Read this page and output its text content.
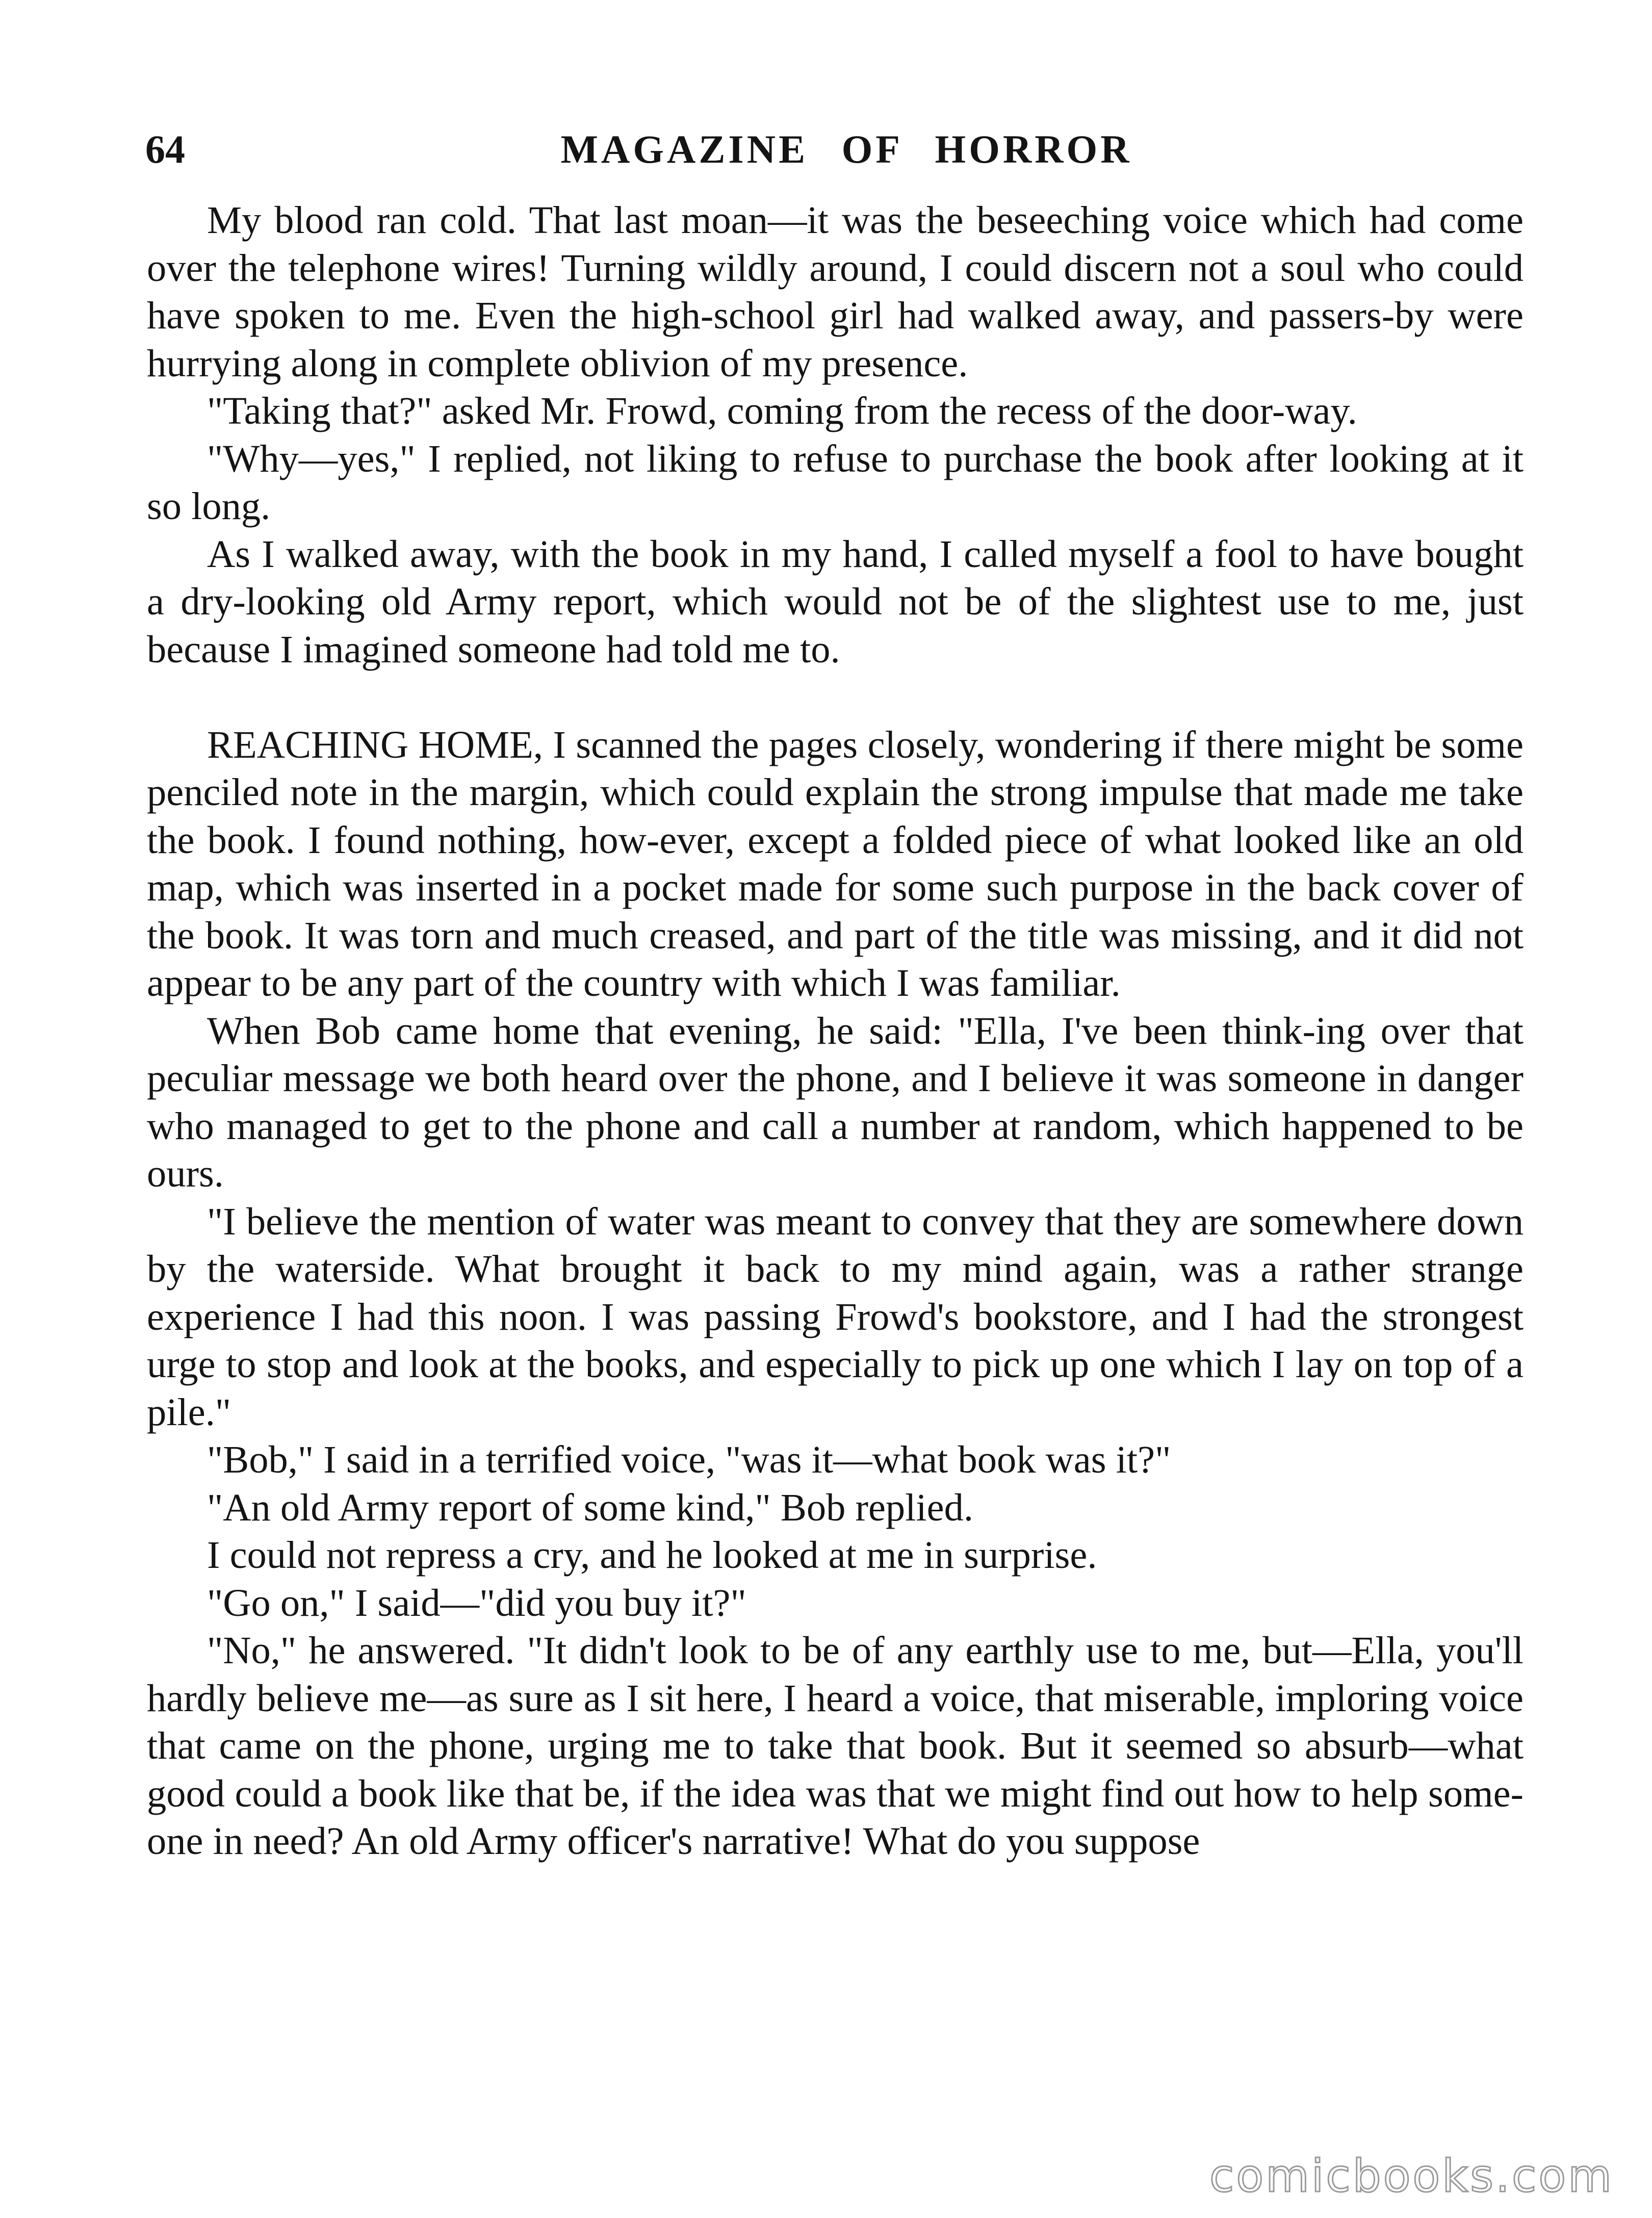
64	MAGAZINE OF HORROR

My blood ran cold. That last moan—it was the beseeching voice which had come over the telephone wires! Turning wildly around, I could discern not a soul who could have spoken to me. Even the high-school girl had walked away, and passers-by were hurrying along in complete oblivion of my presence.

"Taking that?" asked Mr. Frowd, coming from the recess of the door-way.

"Why—yes," I replied, not liking to refuse to purchase the book after looking at it so long.

As I walked away, with the book in my hand, I called myself a fool to have bought a dry-looking old Army report, which would not be of the slightest use to me, just because I imagined someone had told me to.

REACHING HOME, I scanned the pages closely, wondering if there might be some penciled note in the margin, which could explain the strong impulse that made me take the book. I found nothing, how-ever, except a folded piece of what looked like an old map, which was inserted in a pocket made for some such purpose in the back cover of the book. It was torn and much creased, and part of the title was missing, and it did not appear to be any part of the country with which I was familiar.

When Bob came home that evening, he said: "Ella, I've been think-ing over that peculiar message we both heard over the phone, and I believe it was someone in danger who managed to get to the phone and call a number at random, which happened to be ours.

"I believe the mention of water was meant to convey that they are somewhere down by the waterside. What brought it back to my mind again, was a rather strange experience I had this noon. I was passing Frowd's bookstore, and I had the strongest urge to stop and look at the books, and especially to pick up one which I lay on top of a pile."

"Bob," I said in a terrified voice, "was it—what book was it?"

"An old Army report of some kind," Bob replied.

I could not repress a cry, and he looked at me in surprise.

"Go on," I said—"did you buy it?"

"No," he answered. "It didn't look to be of any earthly use to me, but—Ella, you'll hardly believe me—as sure as I sit here, I heard a voice, that miserable, imploring voice that came on the phone, urging me to take that book. But it seemed so absurb—what good could a book like that be, if the idea was that we might find out how to help some-one in need? An old Army officer's narrative! What do you suppose

comicbooks.com
